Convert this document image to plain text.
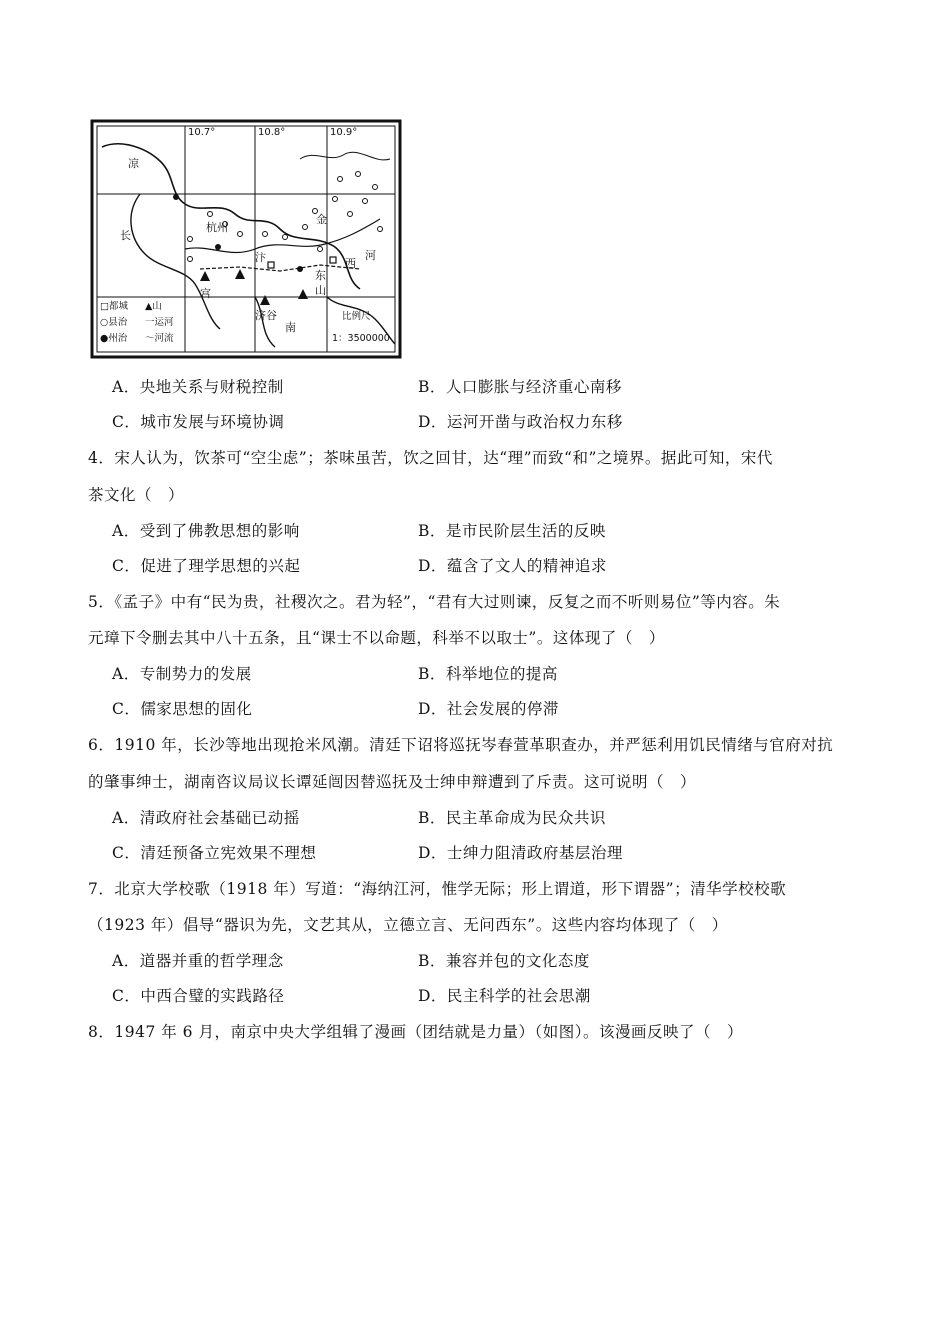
10.7°	10.8°	10.9°
杭州
凉
长
汴
金
河
宫
西
东
山
南
济谷
□都城 ▲山
○县治 一运河
●州治 ～河流
比例尺
1：3500000
A．央地关系与财税控制	B．人口膨胀与经济重心南移
C．城市发展与环境协调	D．运河开凿与政治权力东移
4．宋人认为，饮茶可“空尘虑”；茶味虽苦，饮之回甘，达“理”而致“和”之境界。据此可知，宋代
茶文化（　）
A．受到了佛教思想的影响	B．是市民阶层生活的反映
C．促进了理学思想的兴起	D．蕴含了文人的精神追求
5．《孟子》中有“民为贵，社稷次之。君为轻”，“君有大过则谏，反复之而不听则易位”等内容。朱
元璋下令删去其中八十五条，且“课士不以命题，科举不以取士”。这体现了（　）
A．专制势力的发展	B．科举地位的提高
C．儒家思想的固化	D．社会发展的停滞
6．1910 年，长沙等地出现抢米风潮。清廷下诏将巡抚岑春萱革职查办，并严惩利用饥民情绪与官府对抗
的肇事绅士，湖南咨议局议长谭延闿因替巡抚及士绅申辩遭到了斥责。这可说明（　）
A．清政府社会基础已动摇	B．民主革命成为民众共识
C．清廷预备立宪效果不理想	D．士绅力阻清政府基层治理
7．北京大学校歌（1918 年）写道：“海纳江河，惟学无际；形上谓道，形下谓器”；清华学校校歌
（1923 年）倡导“器识为先，文艺其从，立德立言、无问西东”。这些内容均体现了（　）
A．道器并重的哲学理念	B．兼容并包的文化态度
C．中西合璧的实践路径	D．民主科学的社会思潮
8．1947 年 6 月，南京中央大学组辑了漫画（团结就是力量）（如图）。该漫画反映了（　）
